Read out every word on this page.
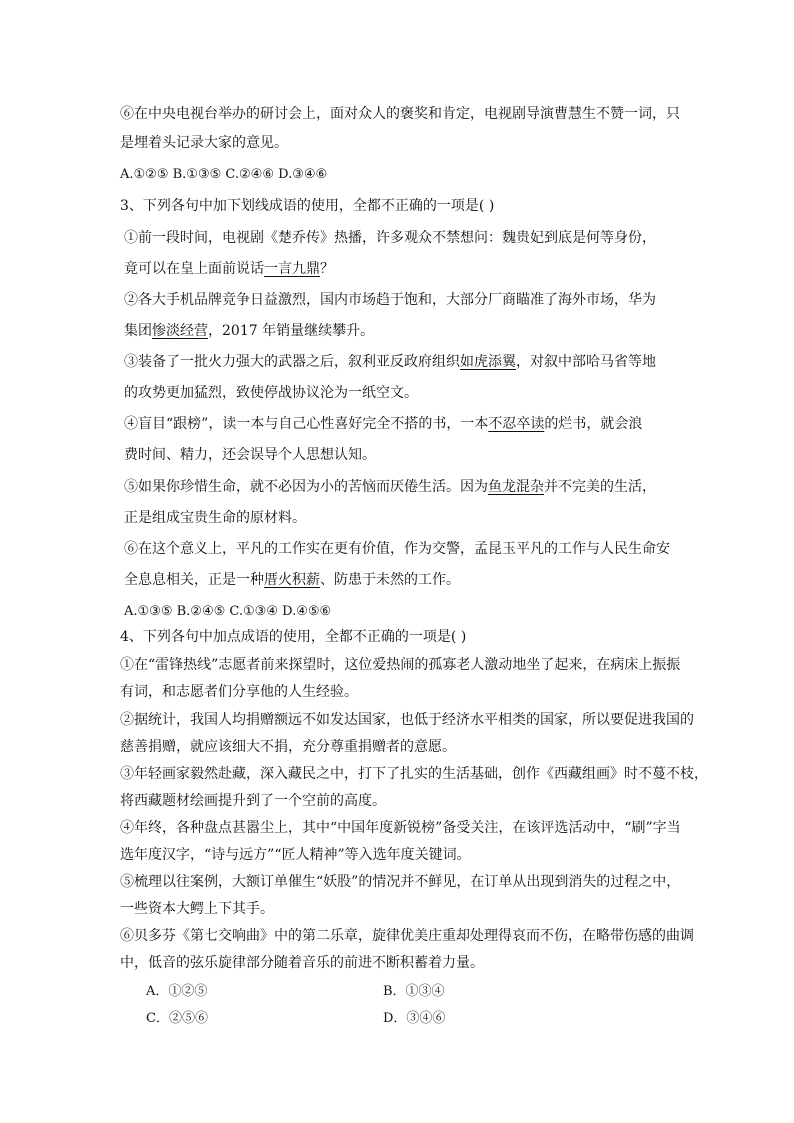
⑥在中央电视台举办的研讨会上，面对众人的褒奖和肯定，电视剧导演曹慧生不赞一词，只
是埋着头记录大家的意见。
A.①②⑤ B.①③⑤ C.②④⑥ D.③④⑥
3、下列各句中加下划线成语的使用，全都不正确的一项是( )
①前一段时间，电视剧《楚乔传》热播，许多观众不禁想问：魏贵妃到底是何等身份，
竟可以在皇上面前说话一言九鼎？
②各大手机品牌竞争日益激烈，国内市场趋于饱和，大部分厂商瞄准了海外市场，华为
集团惨淡经营，2017 年销量继续攀升。
③装备了一批火力强大的武器之后，叙利亚反政府组织如虎添翼，对叙中部哈马省等地
的攻势更加猛烈，致使停战协议沦为一纸空文。
④盲目“跟榜”，读一本与自己心性喜好完全不搭的书，一本不忍卒读的烂书，就会浪
费时间、精力，还会误导个人思想认知。
⑤如果你珍惜生命，就不必因为小的苦恼而厌倦生活。因为鱼龙混杂并不完美的生活，
正是组成宝贵生命的原材料。
⑥在这个意义上，平凡的工作实在更有价值，作为交警，孟昆玉平凡的工作与人民生命安
全息息相关，正是一种厝火积薪、防患于未然的工作。
A.①③⑤ B.②④⑤ C.①③④ D.④⑤⑥
4、下列各句中加点成语的使用，全都不正确的一项是( )
①在“雷锋热线”志愿者前来探望时，这位爱热闹的孤寡老人激动地坐了起来，在病床上振振
有词，和志愿者们分享他的人生经验。
②据统计，我国人均捐赠额远不如发达国家，也低于经济水平相类的国家，所以要促进我国的
慈善捐赠，就应该细大不捐，充分尊重捐赠者的意愿。
③年轻画家毅然赴藏，深入藏民之中，打下了扎实的生活基础，创作《西藏组画》时不蔓不枝，
将西藏题材绘画提升到了一个空前的高度。
④年终，各种盘点甚嚣尘上，其中“中国年度新锐榜”备受关注，在该评选活动中，“刷”字当
选年度汉字，“诗与远方”“匠人精神”等入选年度关键词。
⑤梳理以往案例，大额订单催生“妖股”的情况并不鲜见，在订单从出现到消失的过程之中，
一些资本大鳄上下其手。
⑥贝多芬《第七交响曲》中的第二乐章，旋律优美庄重却处理得哀而不伤，在略带伤感的曲调
中，低音的弦乐旋律部分随着音乐的前进不断积蓄着力量。
A．①②⑤	B．①③④
C．②⑤⑥	D．③④⑥
